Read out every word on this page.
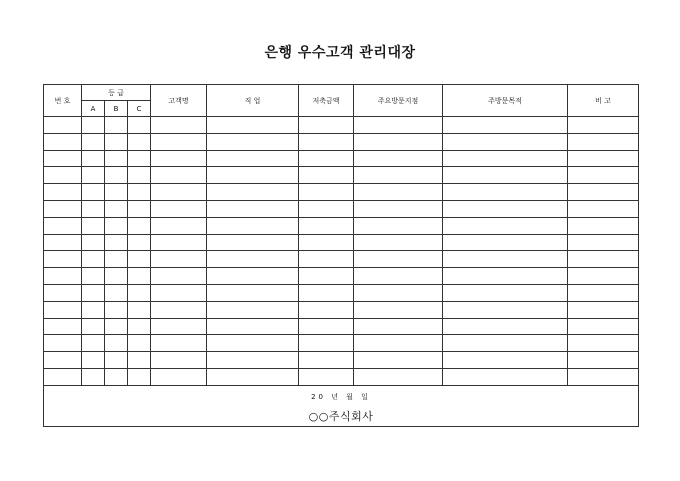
은행 우수고객 관리대장
번 호	등 급			고객명	직 업	저축금액	주요방문지점	주방문목적	비 고
	A	B	C						

20 년 월 일
○○주식회사									
